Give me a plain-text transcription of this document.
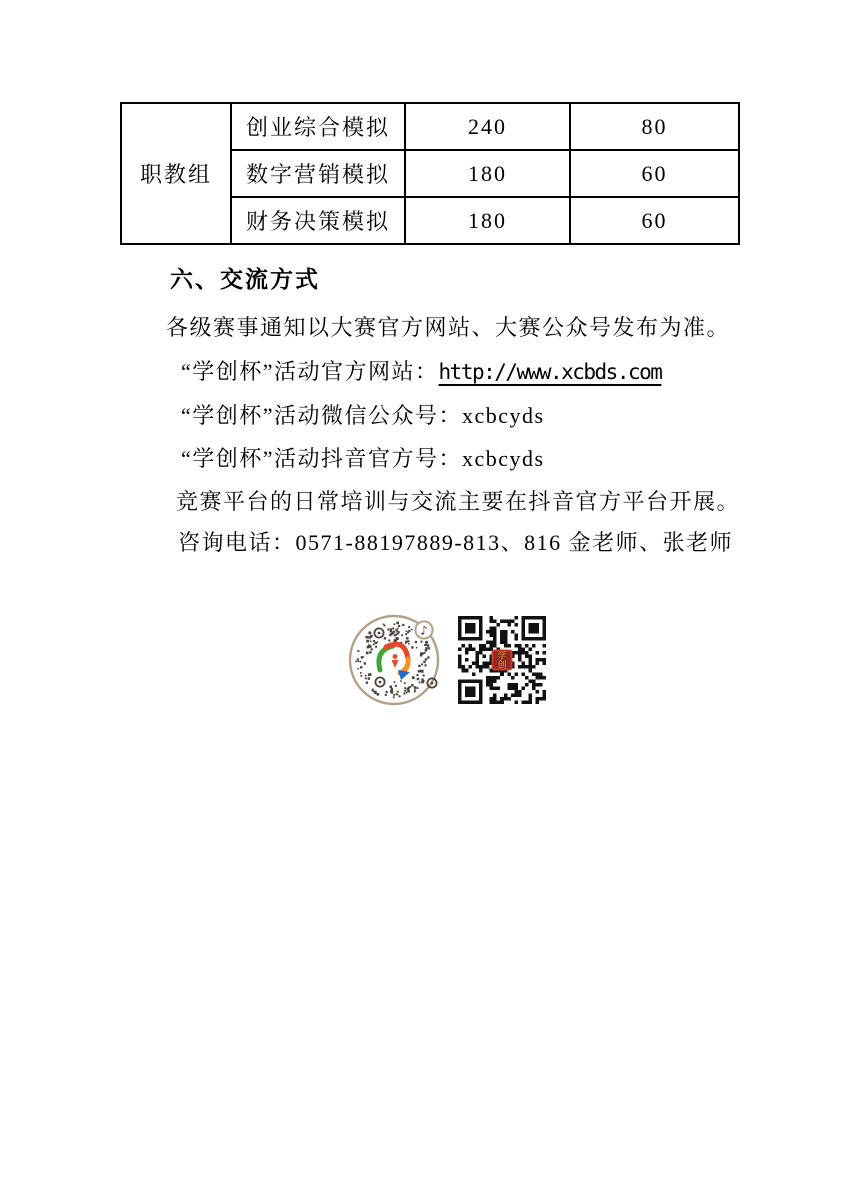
职教组	创业综合模拟	240	80
	数字营销模拟	180	60
	财务决策模拟	180	60
六、交流方式
各级赛事通知以大赛官方网站、大赛公众号发布为准。
“学创杯”活动官方网站：http://www.xcbds.com
“学创杯”活动微信公众号：xcbcyds
“学创杯”活动抖音官方号：xcbcyds
竞赛平台的日常培训与交流主要在抖音官方平台开展。
咨询电话：0571-88197889-813、816 金老师、张老师
♪
学
创
